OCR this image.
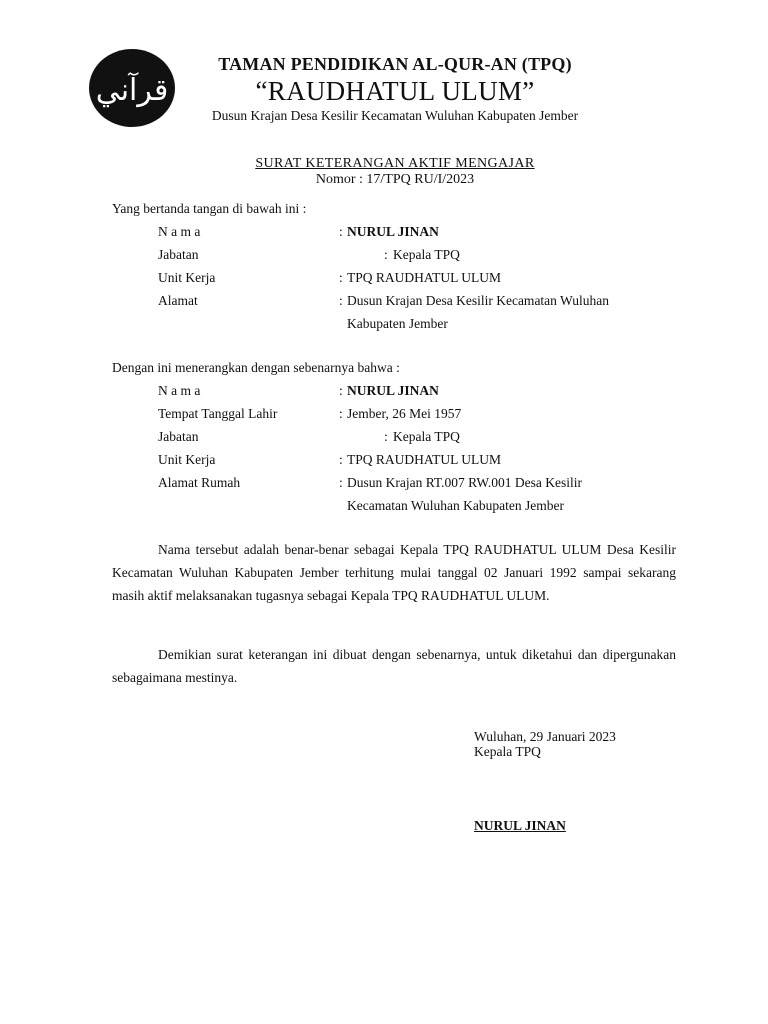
قرآني
TAMAN PENDIDIKAN AL-QUR-AN (TPQ)
“RAUDHATUL ULUM”
Dusun Krajan Desa Kesilir Kecamatan Wuluhan Kabupaten Jember
SURAT KETERANGAN AKTIF MENGAJAR
Nomor : 17/TPQ RU/I/2023
Yang bertanda tangan di bawah ini :
N a m a	: NURUL JINAN
Jabatan	: Kepala TPQ
Unit Kerja	: TPQ RAUDHATUL ULUM
Alamat	: Dusun Krajan Desa Kesilir Kecamatan Wuluhan
Kabupaten Jember
Dengan ini menerangkan dengan sebenarnya bahwa :
N a m a	: NURUL JINAN
Tempat Tanggal Lahir	: Jember, 26 Mei 1957
Jabatan	: Kepala TPQ
Unit Kerja	: TPQ RAUDHATUL ULUM
Alamat Rumah	: Dusun Krajan RT.007 RW.001 Desa Kesilir
Kecamatan Wuluhan Kabupaten Jember
Nama tersebut adalah benar-benar sebagai Kepala TPQ RAUDHATUL ULUM Desa Kesilir Kecamatan Wuluhan Kabupaten Jember terhitung mulai tanggal 02 Januari 1992 sampai sekarang masih aktif melaksanakan tugasnya sebagai Kepala TPQ RAUDHATUL ULUM.
Demikian surat keterangan ini dibuat dengan sebenarnya, untuk diketahui dan dipergunakan sebagaimana mestinya.
Wuluhan, 29 Januari 2023
Kepala TPQ
NURUL JINAN
